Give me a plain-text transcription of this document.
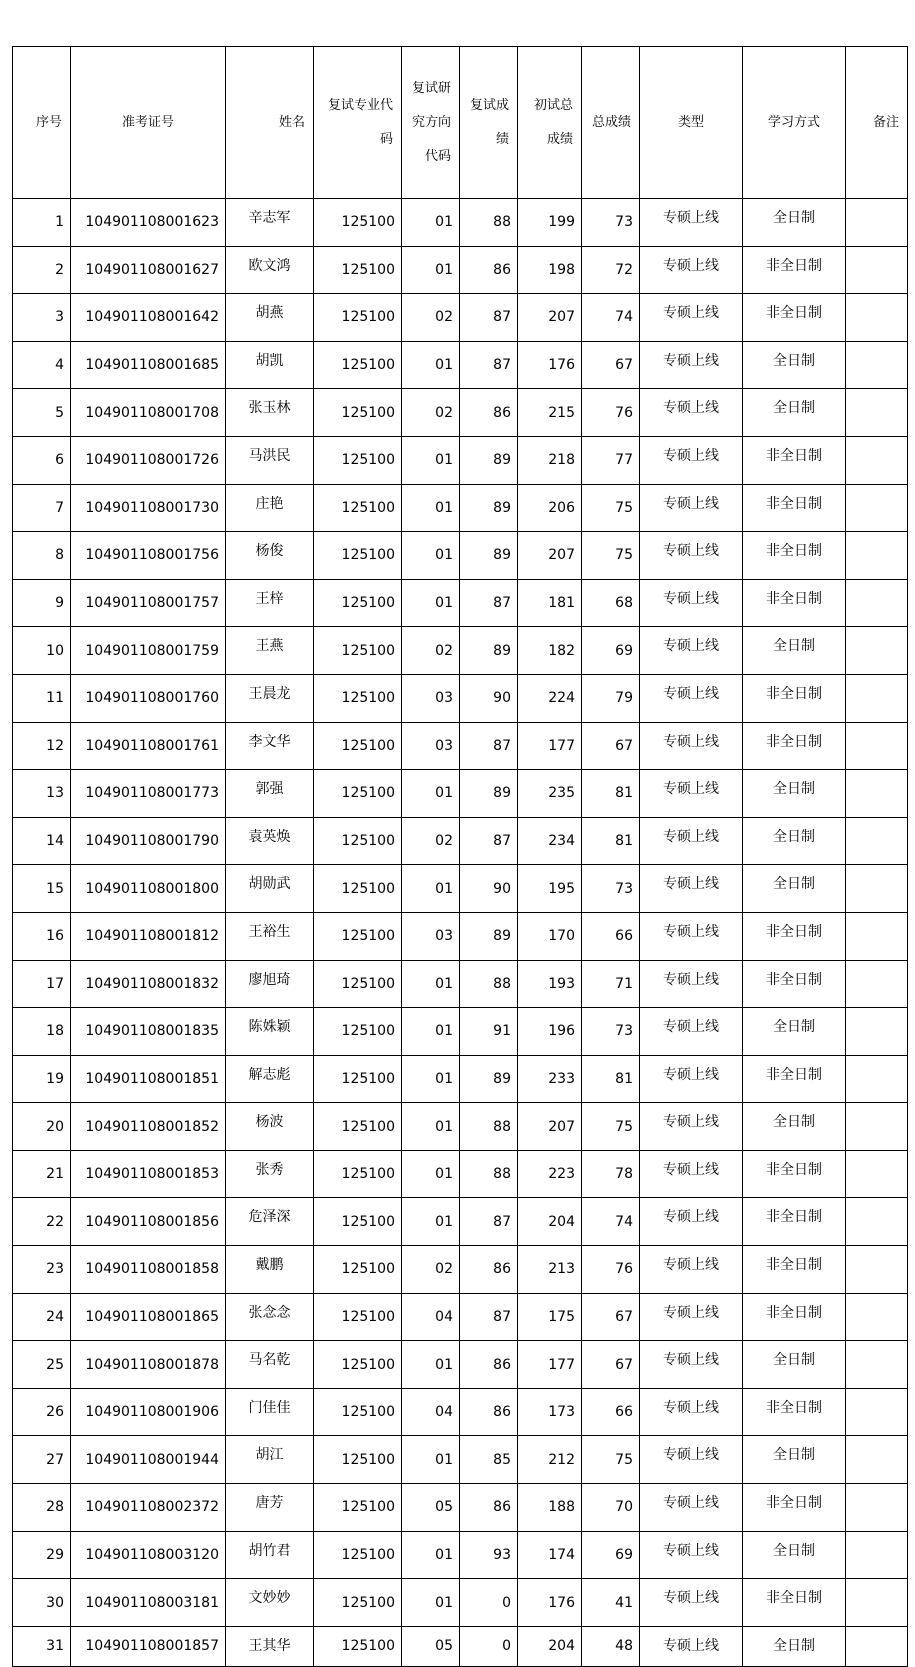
序号	准考证号	姓名	复试专业代码	复试研究方向代码	复试成绩	初试总成绩	总成绩	类型	学习方式	备注
1	104901108001623	辛志军	125100	01	88	199	73	专硕上线	全日制	
2	104901108001627	欧文鸿	125100	01	86	198	72	专硕上线	非全日制	
3	104901108001642	胡燕	125100	02	87	207	74	专硕上线	非全日制	
4	104901108001685	胡凯	125100	01	87	176	67	专硕上线	全日制	
5	104901108001708	张玉林	125100	02	86	215	76	专硕上线	全日制	
6	104901108001726	马洪民	125100	01	89	218	77	专硕上线	非全日制	
7	104901108001730	庄艳	125100	01	89	206	75	专硕上线	非全日制	
8	104901108001756	杨俊	125100	01	89	207	75	专硕上线	非全日制	
9	104901108001757	王梓	125100	01	87	181	68	专硕上线	非全日制	
10	104901108001759	王燕	125100	02	89	182	69	专硕上线	全日制	
11	104901108001760	王晨龙	125100	03	90	224	79	专硕上线	非全日制	
12	104901108001761	李文华	125100	03	87	177	67	专硕上线	非全日制	
13	104901108001773	郭强	125100	01	89	235	81	专硕上线	全日制	
14	104901108001790	袁英焕	125100	02	87	234	81	专硕上线	全日制	
15	104901108001800	胡勋武	125100	01	90	195	73	专硕上线	全日制	
16	104901108001812	王裕生	125100	03	89	170	66	专硕上线	非全日制	
17	104901108001832	廖旭琦	125100	01	88	193	71	专硕上线	非全日制	
18	104901108001835	陈姝颖	125100	01	91	196	73	专硕上线	全日制	
19	104901108001851	解志彪	125100	01	89	233	81	专硕上线	非全日制	
20	104901108001852	杨波	125100	01	88	207	75	专硕上线	全日制	
21	104901108001853	张秀	125100	01	88	223	78	专硕上线	非全日制	
22	104901108001856	危泽深	125100	01	87	204	74	专硕上线	非全日制	
23	104901108001858	戴鹏	125100	02	86	213	76	专硕上线	非全日制	
24	104901108001865	张念念	125100	04	87	175	67	专硕上线	非全日制	
25	104901108001878	马名乾	125100	01	86	177	67	专硕上线	全日制	
26	104901108001906	门佳佳	125100	04	86	173	66	专硕上线	非全日制	
27	104901108001944	胡江	125100	01	85	212	75	专硕上线	全日制	
28	104901108002372	唐芳	125100	05	86	188	70	专硕上线	非全日制	
29	104901108003120	胡竹君	125100	01	93	174	69	专硕上线	全日制	
30	104901108003181	文妙妙	125100	01	0	176	41	专硕上线	非全日制	
31	104901108001857	王其华	125100	05	0	204	48	专硕上线	全日制	
